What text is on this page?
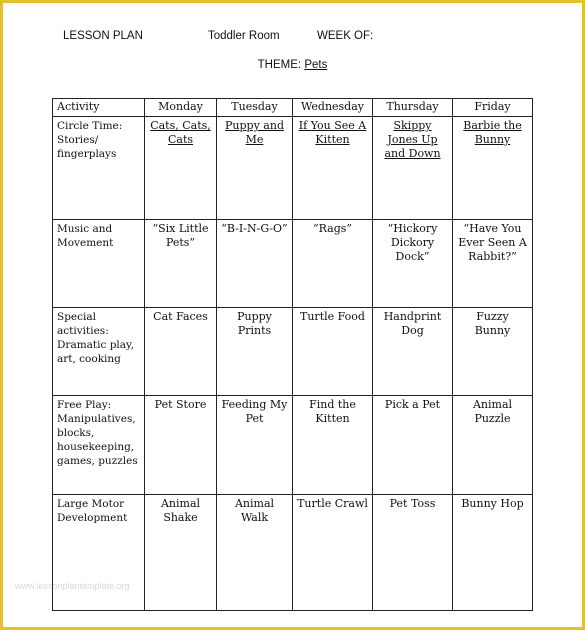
LESSON PLAN	Toddler Room	WEEK OF:
THEME: Pets
Activity	Monday	Tuesday	Wednesday	Thursday	Friday
Circle Time: Stories/ fingerplays	Cats, Cats, Cats	Puppy and Me	If You See A Kitten	Skippy Jones Up and Down	Barbie the Bunny
Music and Movement	“Six Little Pets”	“B-I-N-G-O”	“Rags”	“Hickory Dickory Dock”	“Have You Ever Seen A Rabbit?”
Special activities: Dramatic play, art, cooking	Cat Faces	Puppy Prints	Turtle Food	Handprint Dog	Fuzzy Bunny
Free Play: Manipulatives, blocks, housekeeping, games, puzzles	Pet Store	Feeding My Pet	Find the Kitten	Pick a Pet	Animal Puzzle
Large Motor Development	Animal Shake	Animal Walk	Turtle Crawl	Pet Toss	Bunny Hop
www.lessonplantemplate.org
